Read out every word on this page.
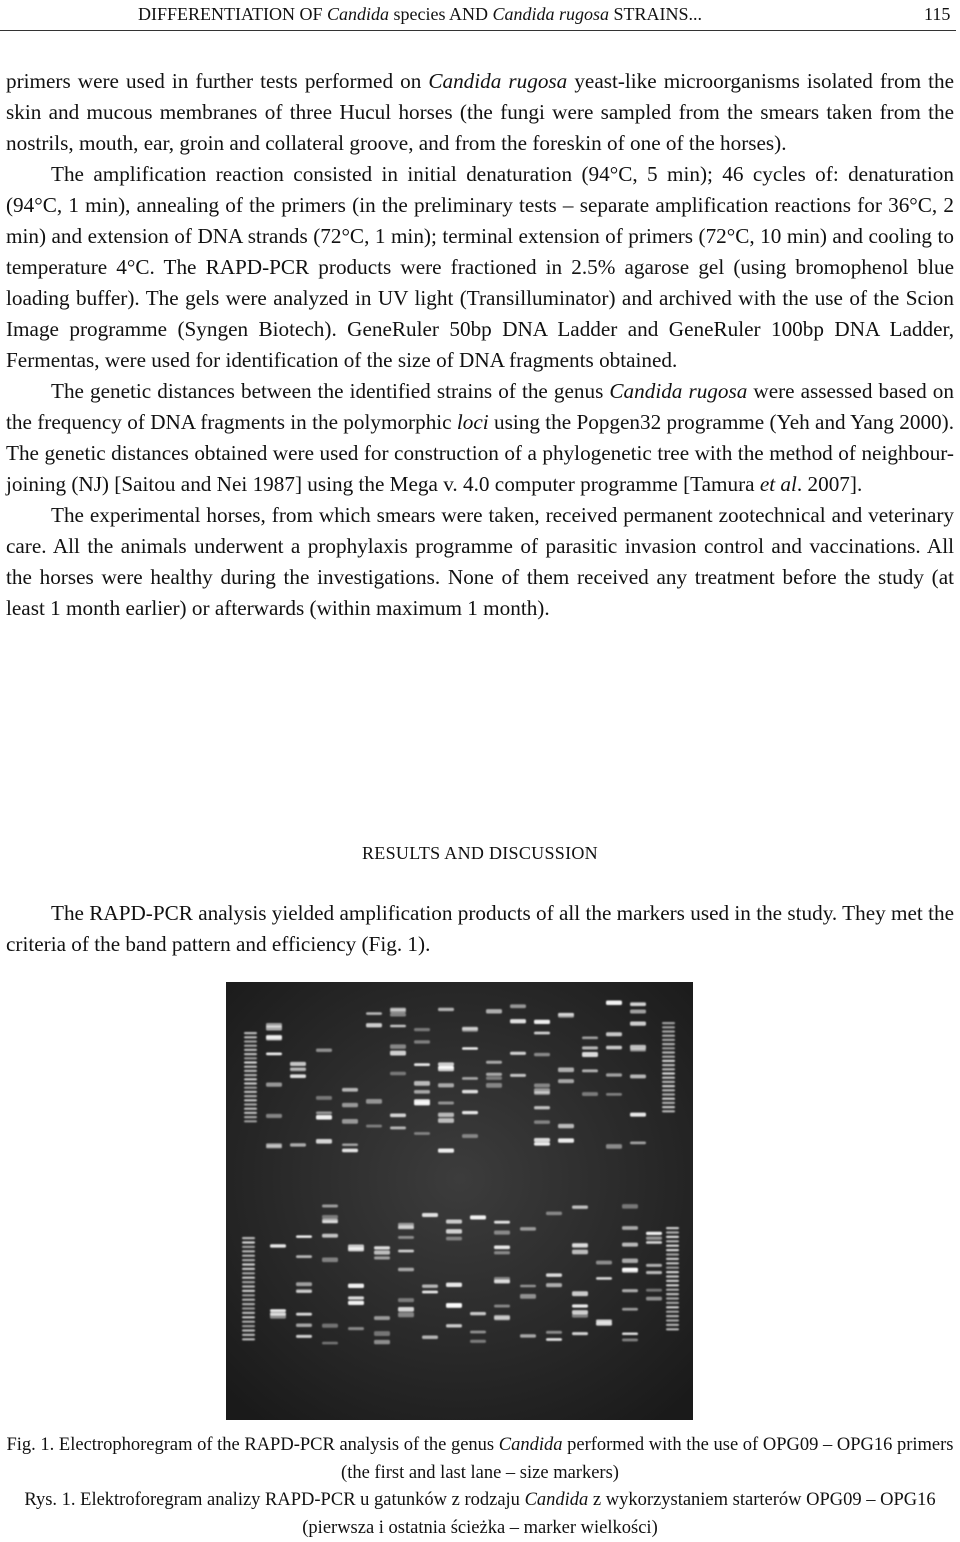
DIFFERENTIATION OF Candida species AND Candida rugosa STRAINS...	115

primers were used in further tests performed on Candida rugosa yeast-like microorganisms isolated from the skin and mucous membranes of three Hucul horses (the fungi were sampled from the smears taken from the nostrils, mouth, ear, groin and collateral groove, and from the foreskin of one of the horses).

The amplification reaction consisted in initial denaturation (94°C, 5 min); 46 cycles of: denaturation (94°C, 1 min), annealing of the primers (in the preliminary tests – separate amplification reactions for 36°C, 2 min) and extension of DNA strands (72°C, 1 min); terminal extension of primers (72°C, 10 min) and cooling to temperature 4°C. The RAPD-PCR products were fractioned in 2.5% agarose gel (using bromophenol blue loading buffer). The gels were analyzed in UV light (Transilluminator) and archived with the use of the Scion Image programme (Syngen Biotech). GeneRuler 50bp DNA Ladder and GeneRuler 100bp DNA Ladder, Fermentas, were used for identification of the size of DNA fragments obtained.

The genetic distances between the identified strains of the genus Candida rugosa were assessed based on the frequency of DNA fragments in the polymorphic loci using the Popgen32 programme (Yeh and Yang 2000). The genetic distances obtained were used for construction of a phylogenetic tree with the method of neighbour-joining (NJ) [Saitou and Nei 1987] using the Mega v. 4.0 computer programme [Tamura et al. 2007].

The experimental horses, from which smears were taken, received permanent zootechnical and veterinary care. All the animals underwent a prophylaxis programme of parasitic invasion control and vaccinations. All the horses were healthy during the investigations. None of them received any treatment before the study (at least 1 month earlier) or afterwards (within maximum 1 month).

RESULTS AND DISCUSSION

The RAPD-PCR analysis yielded amplification products of all the markers used in the study. They met the criteria of the band pattern and efficiency (Fig. 1).

Fig. 1. Electrophoregram of the RAPD-PCR analysis of the genus Candida performed with the use of OPG09 – OPG16 primers (the first and last lane – size markers)
Rys. 1. Elektroforegram analizy RAPD-PCR u gatunków z rodzaju Candida z wykorzystaniem starterów OPG09 – OPG16 (pierwsza i ostatnia ścieżka – marker wielkości)
